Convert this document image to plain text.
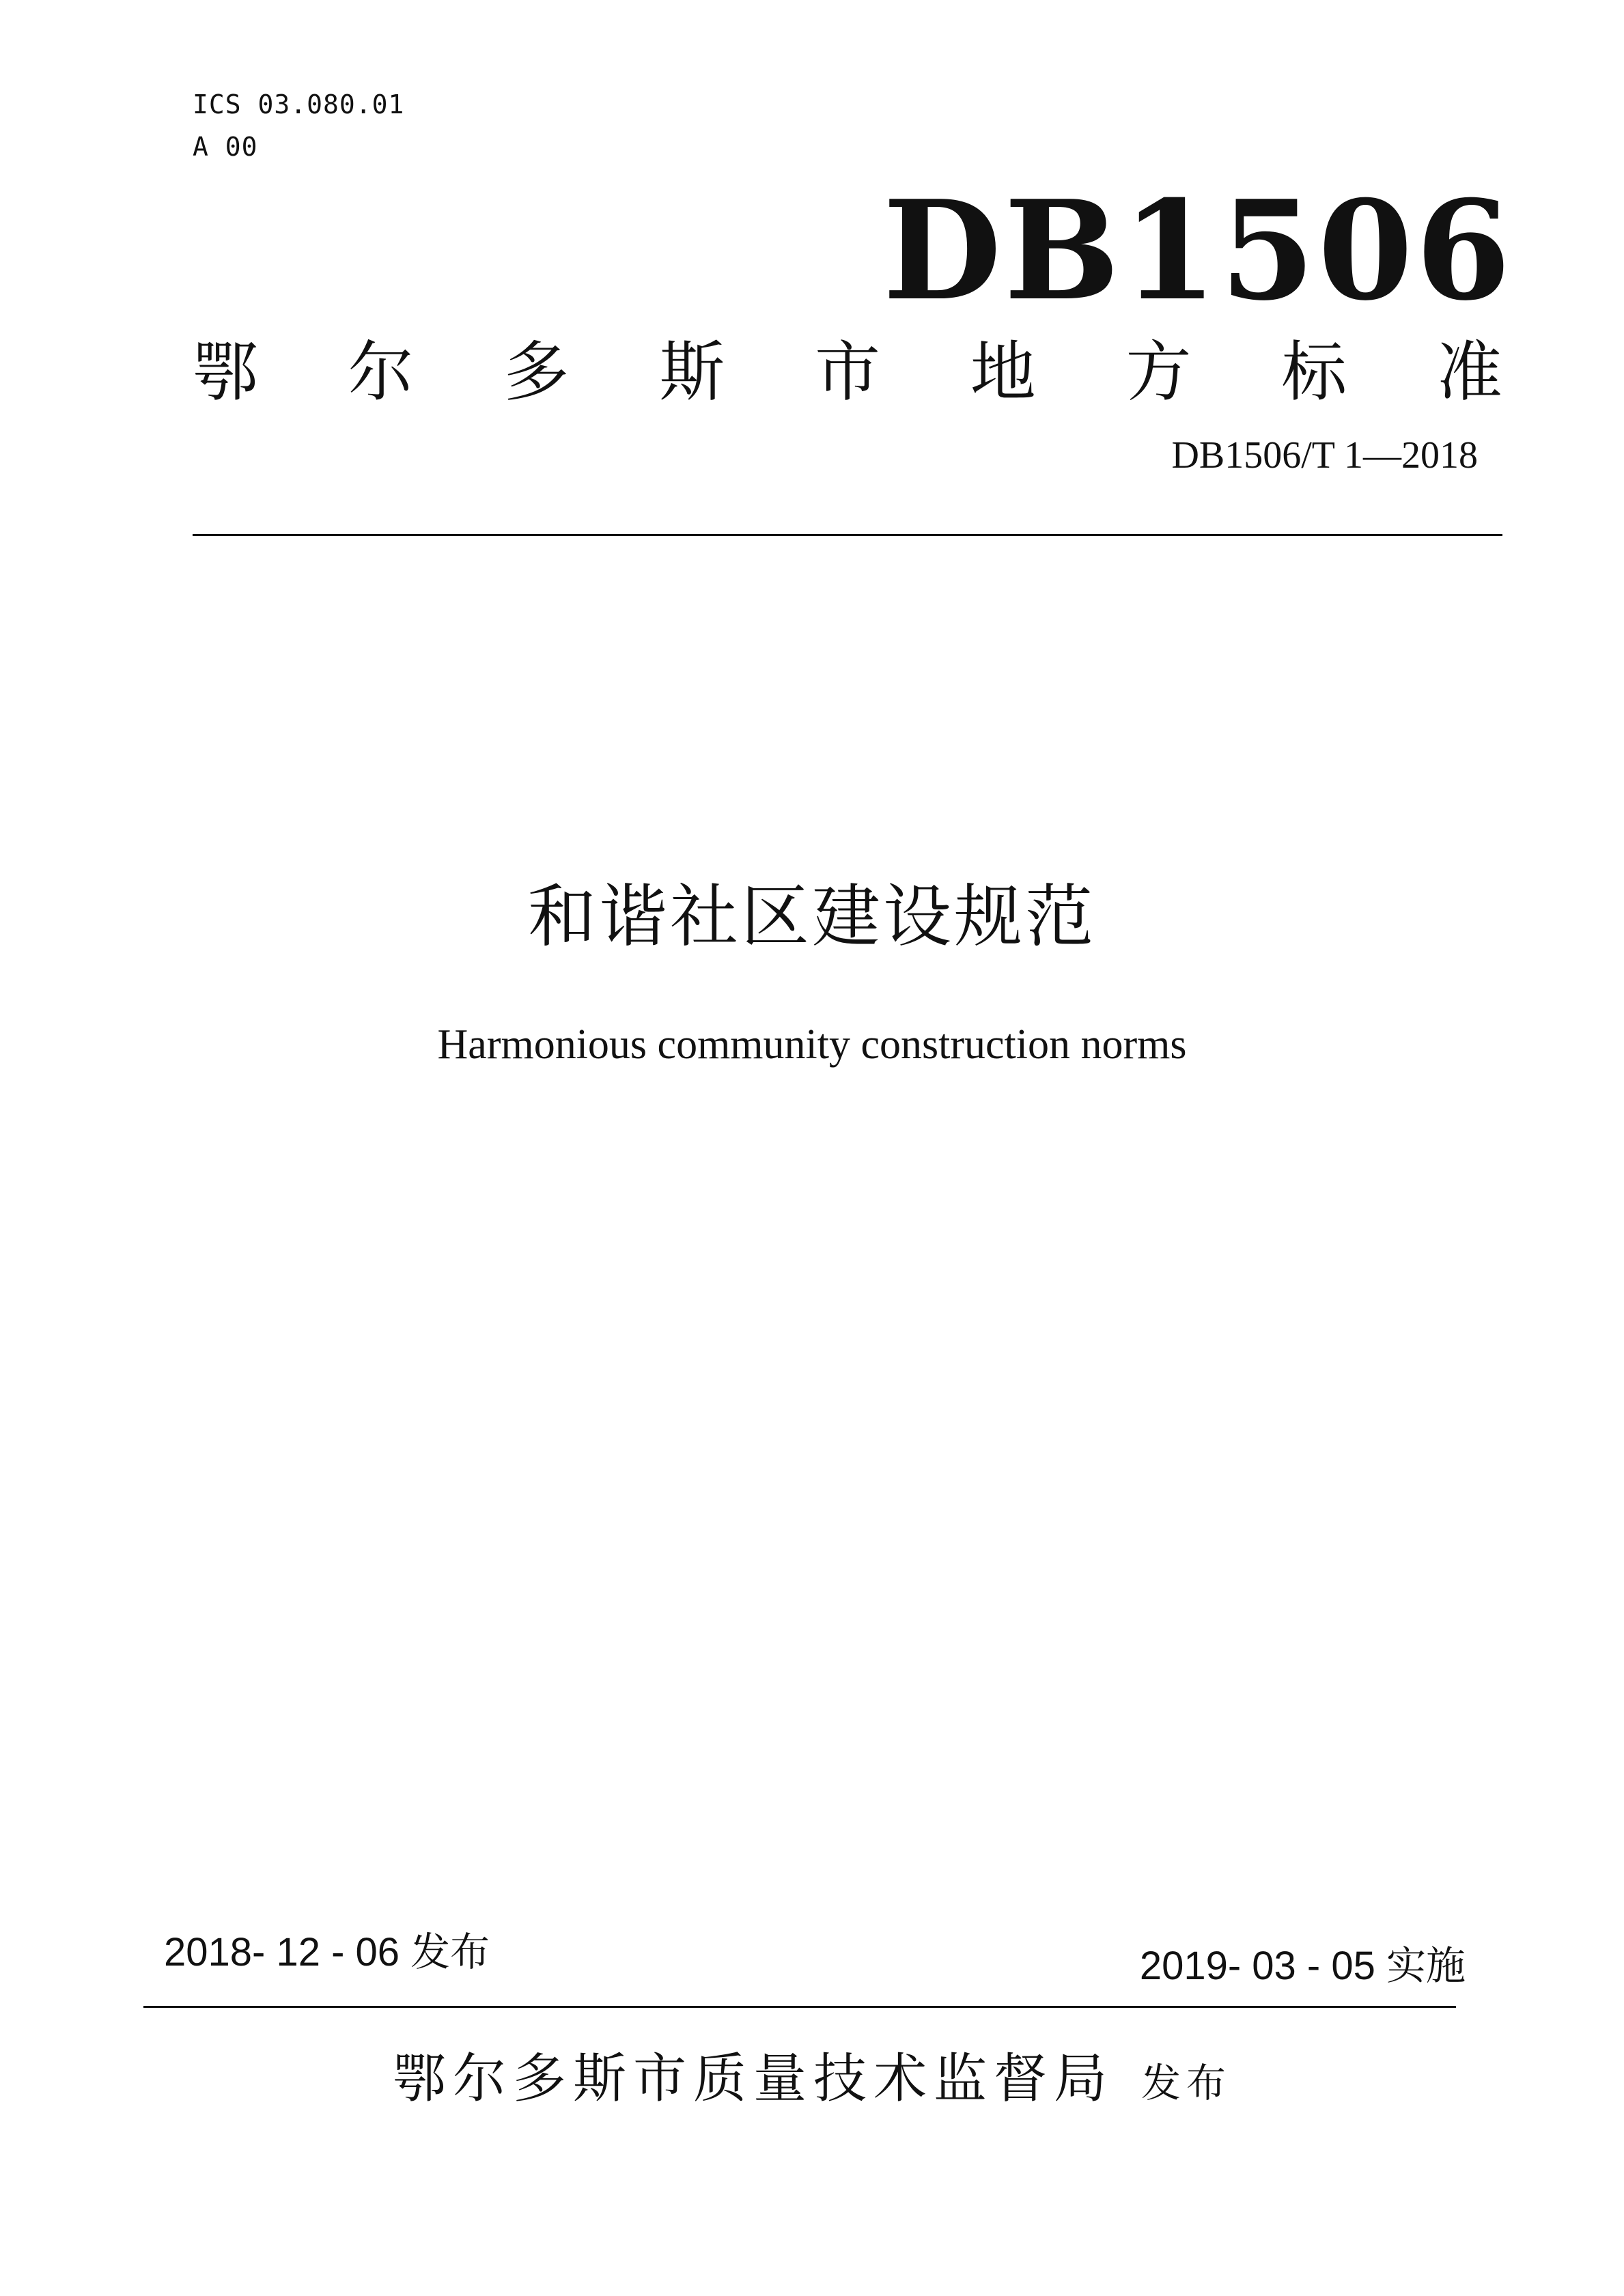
ICS 03.080.01
A 00
DB1506
鄂 尔 多 斯 市 地 方 标 准
DB1506/T 1—2018
和谐社区建设规范
Harmonious community construction norms
2018- 12 - 06 发布	2019- 03 - 05 实施
鄂尔多斯市质量技术监督局 发布
